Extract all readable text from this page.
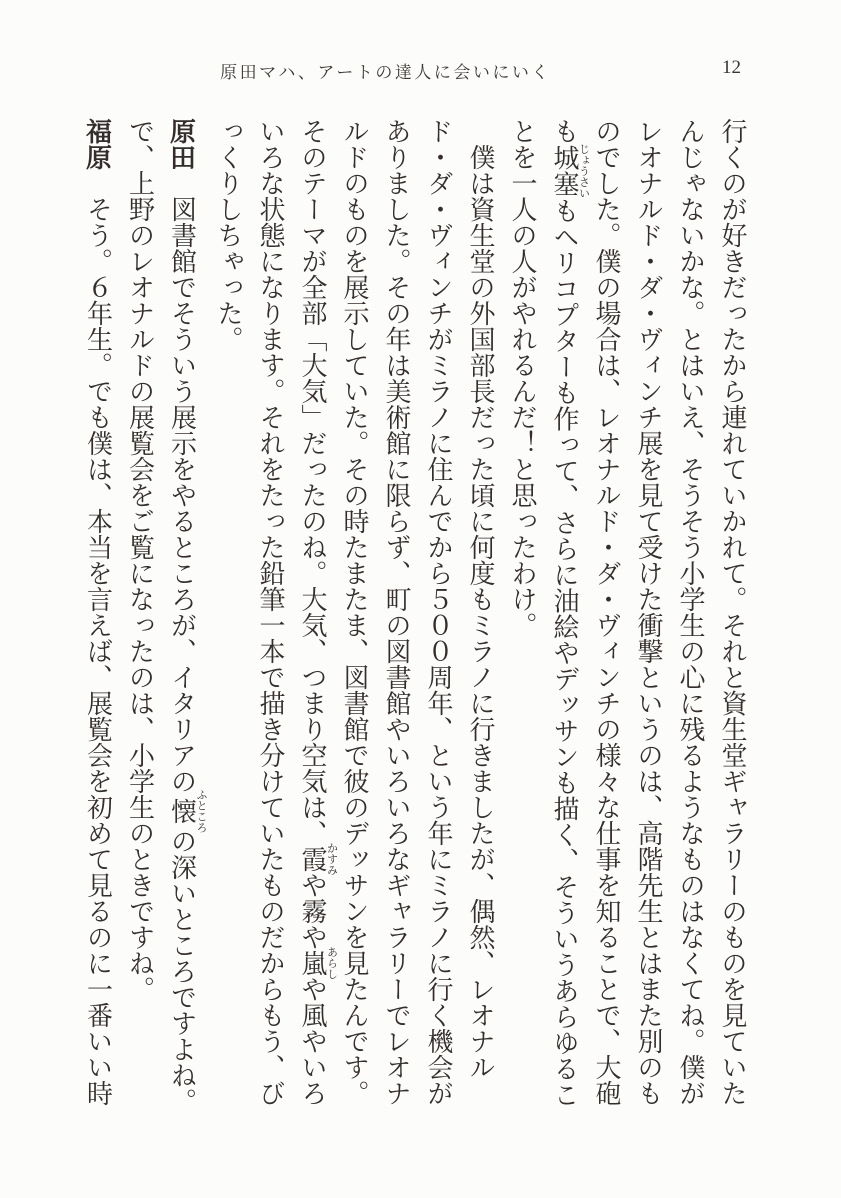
原田マハ、アートの達人に会いにいく	12

行くのが好きだったから連れていかれて。それと資生堂ギャラリーのものを見ていたんじゃないかな。とはいえ、そうそう小学生の心に残るようなものはなくてね。僕がレオナルド・ダ・ヴィンチ展を見て受けた衝撃というのは、高階先生とはまた別のものでした。僕の場合は、レオナルド・ダ・ヴィンチの様々な仕事を知ることで、大砲も城塞じょうさいもヘリコプターも作って、さらに油絵やデッサンも描く、そういうあらゆることを一人の人がやれるんだ！と思ったわけ。

僕は資生堂の外国部長だった頃に何度もミラノに行きましたが、偶然、レオナルド・ダ・ヴィンチがミラノに住んでから５００周年、という年にミラノに行く機会がありました。その年は美術館に限らず、町の図書館やいろいろなギャラリーでレオナルドのものを展示していた。その時たまたま、図書館で彼のデッサンを見たんです。そのテーマが全部「大気」だったのね。大気、つまり空気は、霞かすみや霧や嵐あらしや風やいろいろな状態になります。それをたった鉛筆一本で描き分けていたものだからもう、びっくりしちゃった。

原田　図書館でそういう展示をやるところが、イタリアの懐ふところの深いところですよね。

で、上野のレオナルドの展覧会をご覧になったのは、小学生のときですね。

福原　そう。６年生。でも僕は、本当を言えば、展覧会を初めて見るのに一番いい時
